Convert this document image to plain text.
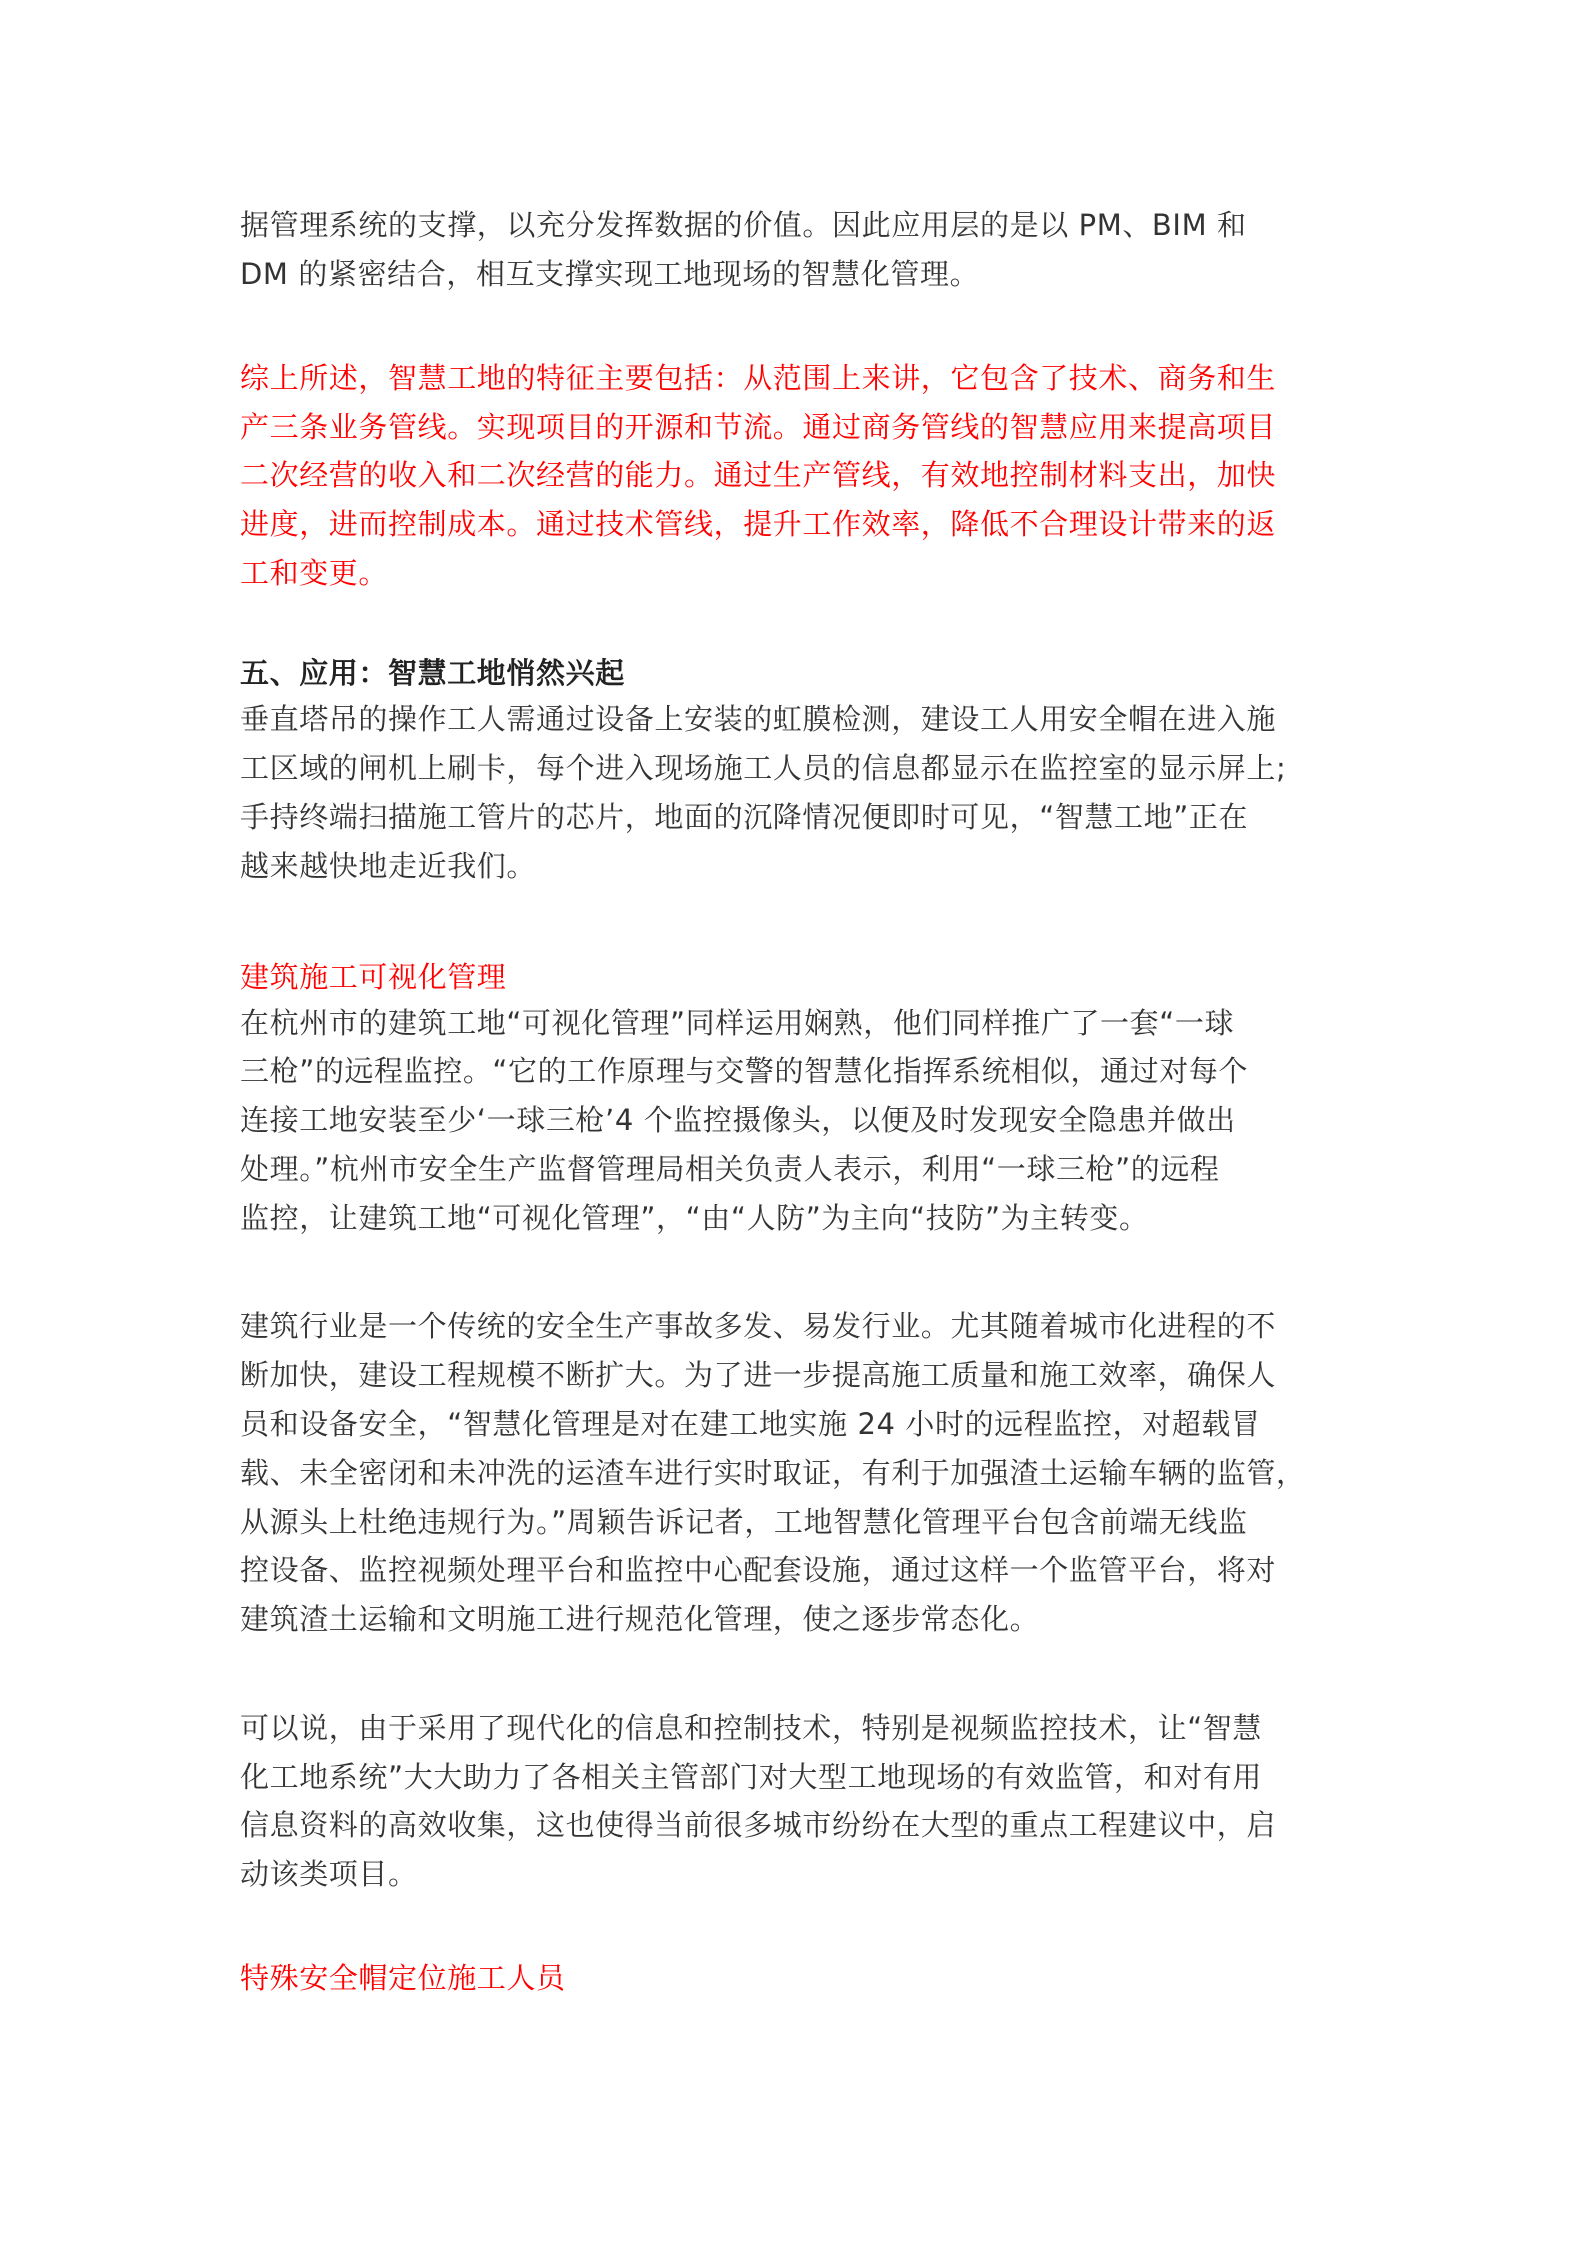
据管理系统的支撑，以充分发挥数据的价值。因此应用层的是以 PM、BIM 和
DM 的紧密结合，相互支撑实现工地现场的智慧化管理。
综上所述，智慧工地的特征主要包括：从范围上来讲，它包含了技术、商务和生
产三条业务管线。实现项目的开源和节流。通过商务管线的智慧应用来提高项目
二次经营的收入和二次经营的能力。通过生产管线，有效地控制材料支出，加快
进度，进而控制成本。通过技术管线，提升工作效率，降低不合理设计带来的返
工和变更。
五、应用：智慧工地悄然兴起
垂直塔吊的操作工人需通过设备上安装的虹膜检测，建设工人用安全帽在进入施
工区域的闸机上刷卡，每个进入现场施工人员的信息都显示在监控室的显示屏上;
手持终端扫描施工管片的芯片，地面的沉降情况便即时可见，“智慧工地”正在
越来越快地走近我们。
建筑施工可视化管理
在杭州市的建筑工地“可视化管理”同样运用娴熟，他们同样推广了一套“一球
三枪”的远程监控。“它的工作原理与交警的智慧化指挥系统相似，通过对每个
连接工地安装至少‘一球三枪’4 个监控摄像头，以便及时发现安全隐患并做出
处理。”杭州市安全生产监督管理局相关负责人表示，利用“一球三枪”的远程
监控，让建筑工地“可视化管理”，“由“人防”为主向“技防”为主转变。
建筑行业是一个传统的安全生产事故多发、易发行业。尤其随着城市化进程的不
断加快，建设工程规模不断扩大。为了进一步提高施工质量和施工效率，确保人
员和设备安全，“智慧化管理是对在建工地实施 24 小时的远程监控，对超载冒
载、未全密闭和未冲洗的运渣车进行实时取证，有利于加强渣土运输车辆的监管，
从源头上杜绝违规行为。”周颖告诉记者，工地智慧化管理平台包含前端无线监
控设备、监控视频处理平台和监控中心配套设施，通过这样一个监管平台，将对
建筑渣土运输和文明施工进行规范化管理，使之逐步常态化。
可以说，由于采用了现代化的信息和控制技术，特别是视频监控技术，让“智慧
化工地系统”大大助力了各相关主管部门对大型工地现场的有效监管，和对有用
信息资料的高效收集，这也使得当前很多城市纷纷在大型的重点工程建议中，启
动该类项目。
特殊安全帽定位施工人员
